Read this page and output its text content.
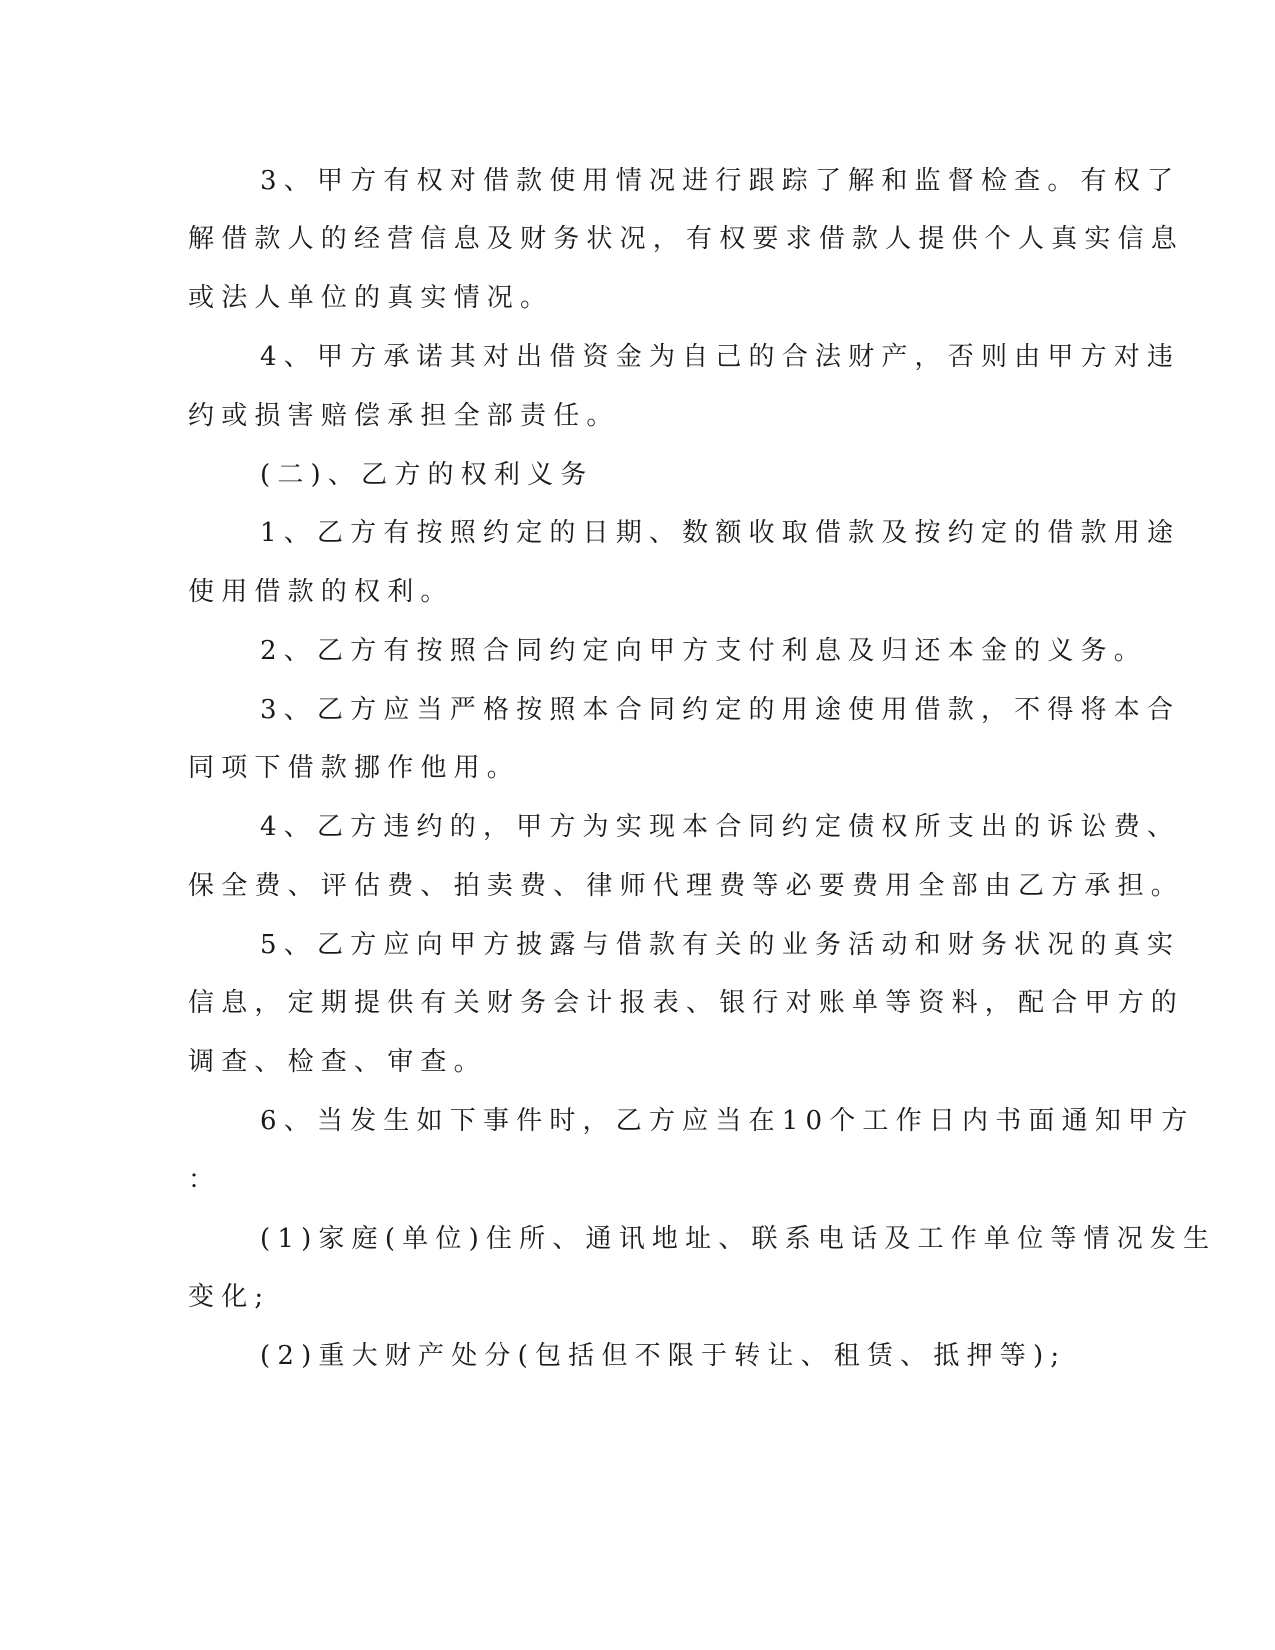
3、甲方有权对借款使用情况进行跟踪了解和监督检查。有权了
解借款人的经营信息及财务状况，有权要求借款人提供个人真实信息
或法人单位的真实情况。
4、甲方承诺其对出借资金为自己的合法财产，否则由甲方对违
约或损害赔偿承担全部责任。
(二)、乙方的权利义务
1、乙方有按照约定的日期、数额收取借款及按约定的借款用途
使用借款的权利。
2、乙方有按照合同约定向甲方支付利息及归还本金的义务。
3、乙方应当严格按照本合同约定的用途使用借款，不得将本合
同项下借款挪作他用。
4、乙方违约的，甲方为实现本合同约定债权所支出的诉讼费、
保全费、评估费、拍卖费、律师代理费等必要费用全部由乙方承担。
5、乙方应向甲方披露与借款有关的业务活动和财务状况的真实
信息，定期提供有关财务会计报表、银行对账单等资料，配合甲方的
调查、检查、审查。
6、当发生如下事件时，乙方应当在10个工作日内书面通知甲方
：
(1)家庭(单位)住所、通讯地址、联系电话及工作单位等情况发生
变化;
(2)重大财产处分(包括但不限于转让、租赁、抵押等);
